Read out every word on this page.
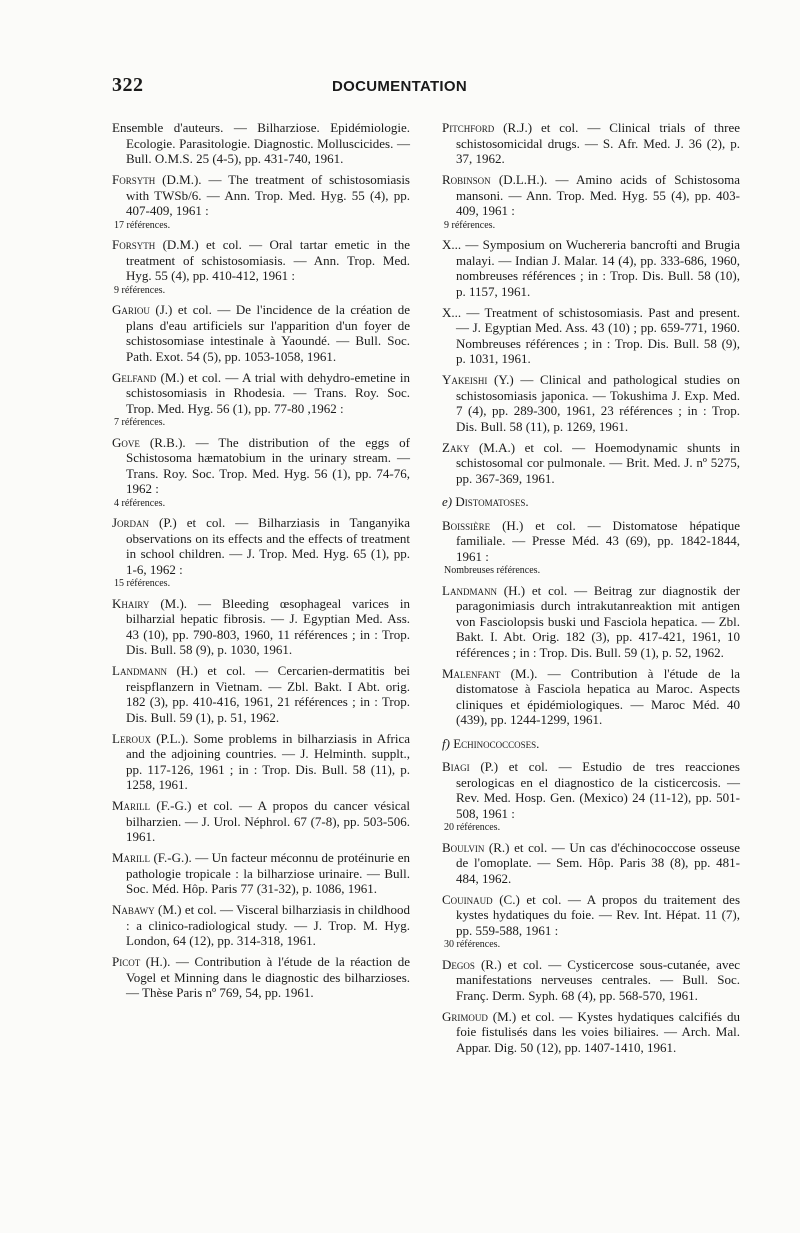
322	DOCUMENTATION
Ensemble d'auteurs. — Bilharziose. Epidémiologie. Ecologie. Parasitologie. Diagnostic. Molluscicides. — Bull. O.M.S. 25 (4-5), pp. 431-740, 1961.
Forsyth (D.M.). — The treatment of schistosomiasis with TWSb/6. — Ann. Trop. Med. Hyg. 55 (4), pp. 407-409, 1961 :
17 références.
Forsyth (D.M.) et col. — Oral tartar emetic in the treatment of schistosomiasis. — Ann. Trop. Med. Hyg. 55 (4), pp. 410-412, 1961 :
9 références.
Gariou (J.) et col. — De l'incidence de la création de plans d'eau artificiels sur l'apparition d'un foyer de schistosomiase intestinale à Yaoundé. — Bull. Soc. Path. Exot. 54 (5), pp. 1053-1058, 1961.
Gelfand (M.) et col. — A trial with dehydro-emetine in schistosomiasis in Rhodesia. — Trans. Roy. Soc. Trop. Med. Hyg. 56 (1), pp. 77-80 ,1962 :
7 références.
Gove (R.B.). — The distribution of the eggs of Schistosoma hæmatobium in the urinary stream. — Trans. Roy. Soc. Trop. Med. Hyg. 56 (1), pp. 74-76, 1962 :
4 références.
Jordan (P.) et col. — Bilharziasis in Tanganyika observations on its effects and the effects of treatment in school children. — J. Trop. Med. Hyg. 65 (1), pp. 1-6, 1962 :
15 références.
Khairy (M.). — Bleeding œsophageal varices in bilharzial hepatic fibrosis. — J. Egyptian Med. Ass. 43 (10), pp. 790-803, 1960, 11 références ; in : Trop. Dis. Bull. 58 (9), p. 1030, 1961.
Landmann (H.) et col. — Cercarien-dermatitis bei reispflanzern in Vietnam. — Zbl. Bakt. I Abt. orig. 182 (3), pp. 410-416, 1961, 21 références ; in : Trop. Dis. Bull. 59 (1), p. 51, 1962.
Leroux (P.L.). Some problems in bilharziasis in Africa and the adjoining countries. — J. Helminth. supplt., pp. 117-126, 1961 ; in : Trop. Dis. Bull. 58 (11), p. 1258, 1961.
Marill (F.-G.) et col. — A propos du cancer vésical bilharzien. — J. Urol. Néphrol. 67 (7-8), pp. 503-506. 1961.
Marill (F.-G.). — Un facteur méconnu de protéinurie en pathologie tropicale : la bilharziose urinaire. — Bull. Soc. Méd. Hôp. Paris 77 (31-32), p. 1086, 1961.
Nabawy (M.) et col. — Visceral bilharziasis in childhood : a clinico-radiological study. — J. Trop. M. Hyg. London, 64 (12), pp. 314-318, 1961.
Picot (H.). — Contribution à l'étude de la réaction de Vogel et Minning dans le diagnostic des bilharzioses. — Thèse Paris nº 769, 54, pp. 1961.
Pitchford (R.J.) et col. — Clinical trials of three schistosomicidal drugs. — S. Afr. Med. J. 36 (2), p. 37, 1962.
Robinson (D.L.H.). — Amino acids of Schistosoma mansoni. — Ann. Trop. Med. Hyg. 55 (4), pp. 403-409, 1961 :
9 références.
X... — Symposium on Wuchereria bancrofti and Brugia malayi. — Indian J. Malar. 14 (4), pp. 333-686, 1960, nombreuses références ; in : Trop. Dis. Bull. 58 (10), p. 1157, 1961.
X... — Treatment of schistosomiasis. Past and present. — J. Egyptian Med. Ass. 43 (10) ; pp. 659-771, 1960. Nombreuses références ; in : Trop. Dis. Bull. 58 (9), p. 1031, 1961.
Yakeishi (Y.) — Clinical and pathological studies on schistosomiasis japonica. — Tokushima J. Exp. Med. 7 (4), pp. 289-300, 1961, 23 références ; in : Trop. Dis. Bull. 58 (11), p. 1269, 1961.
Zaky (M.A.) et col. — Hoemodynamic shunts in schistosomal cor pulmonale. — Brit. Med. J. nº 5275, pp. 367-369, 1961.
e) Distomatoses.
Boissière (H.) et col. — Distomatose hépatique familiale. — Presse Méd. 43 (69), pp. 1842-1844, 1961 :
Nombreuses références.
Landmann (H.) et col. — Beitrag zur diagnostik der paragonimiasis durch intrakutanreaktion mit antigen von Fasciolopsis buski und Fasciola hepatica. — Zbl. Bakt. I. Abt. Orig. 182 (3), pp. 417-421, 1961, 10 références ; in : Trop. Dis. Bull. 59 (1), p. 52, 1962.
Malenfant (M.). — Contribution à l'étude de la distomatose à Fasciola hepatica au Maroc. Aspects cliniques et épidémiologiques. — Maroc Méd. 40 (439), pp. 1244-1299, 1961.
f) Echinococcoses.
Biagi (P.) et col. — Estudio de tres reacciones serologicas en el diagnostico de la cisticercosis. — Rev. Med. Hosp. Gen. (Mexico) 24 (11-12), pp. 501-508, 1961 :
20 références.
Boulvin (R.) et col. — Un cas d'échinococcose osseuse de l'omoplate. — Sem. Hôp. Paris 38 (8), pp. 481-484, 1962.
Couinaud (C.) et col. — A propos du traitement des kystes hydatiques du foie. — Rev. Int. Hépat. 11 (7), pp. 559-588, 1961 :
30 références.
Degos (R.) et col. — Cysticercose sous-cutanée, avec manifestations nerveuses centrales. — Bull. Soc. Franç. Derm. Syph. 68 (4), pp. 568-570, 1961.
Grimoud (M.) et col. — Kystes hydatiques calcifiés du foie fistulisés dans les voies biliaires. — Arch. Mal. Appar. Dig. 50 (12), pp. 1407-1410, 1961.
